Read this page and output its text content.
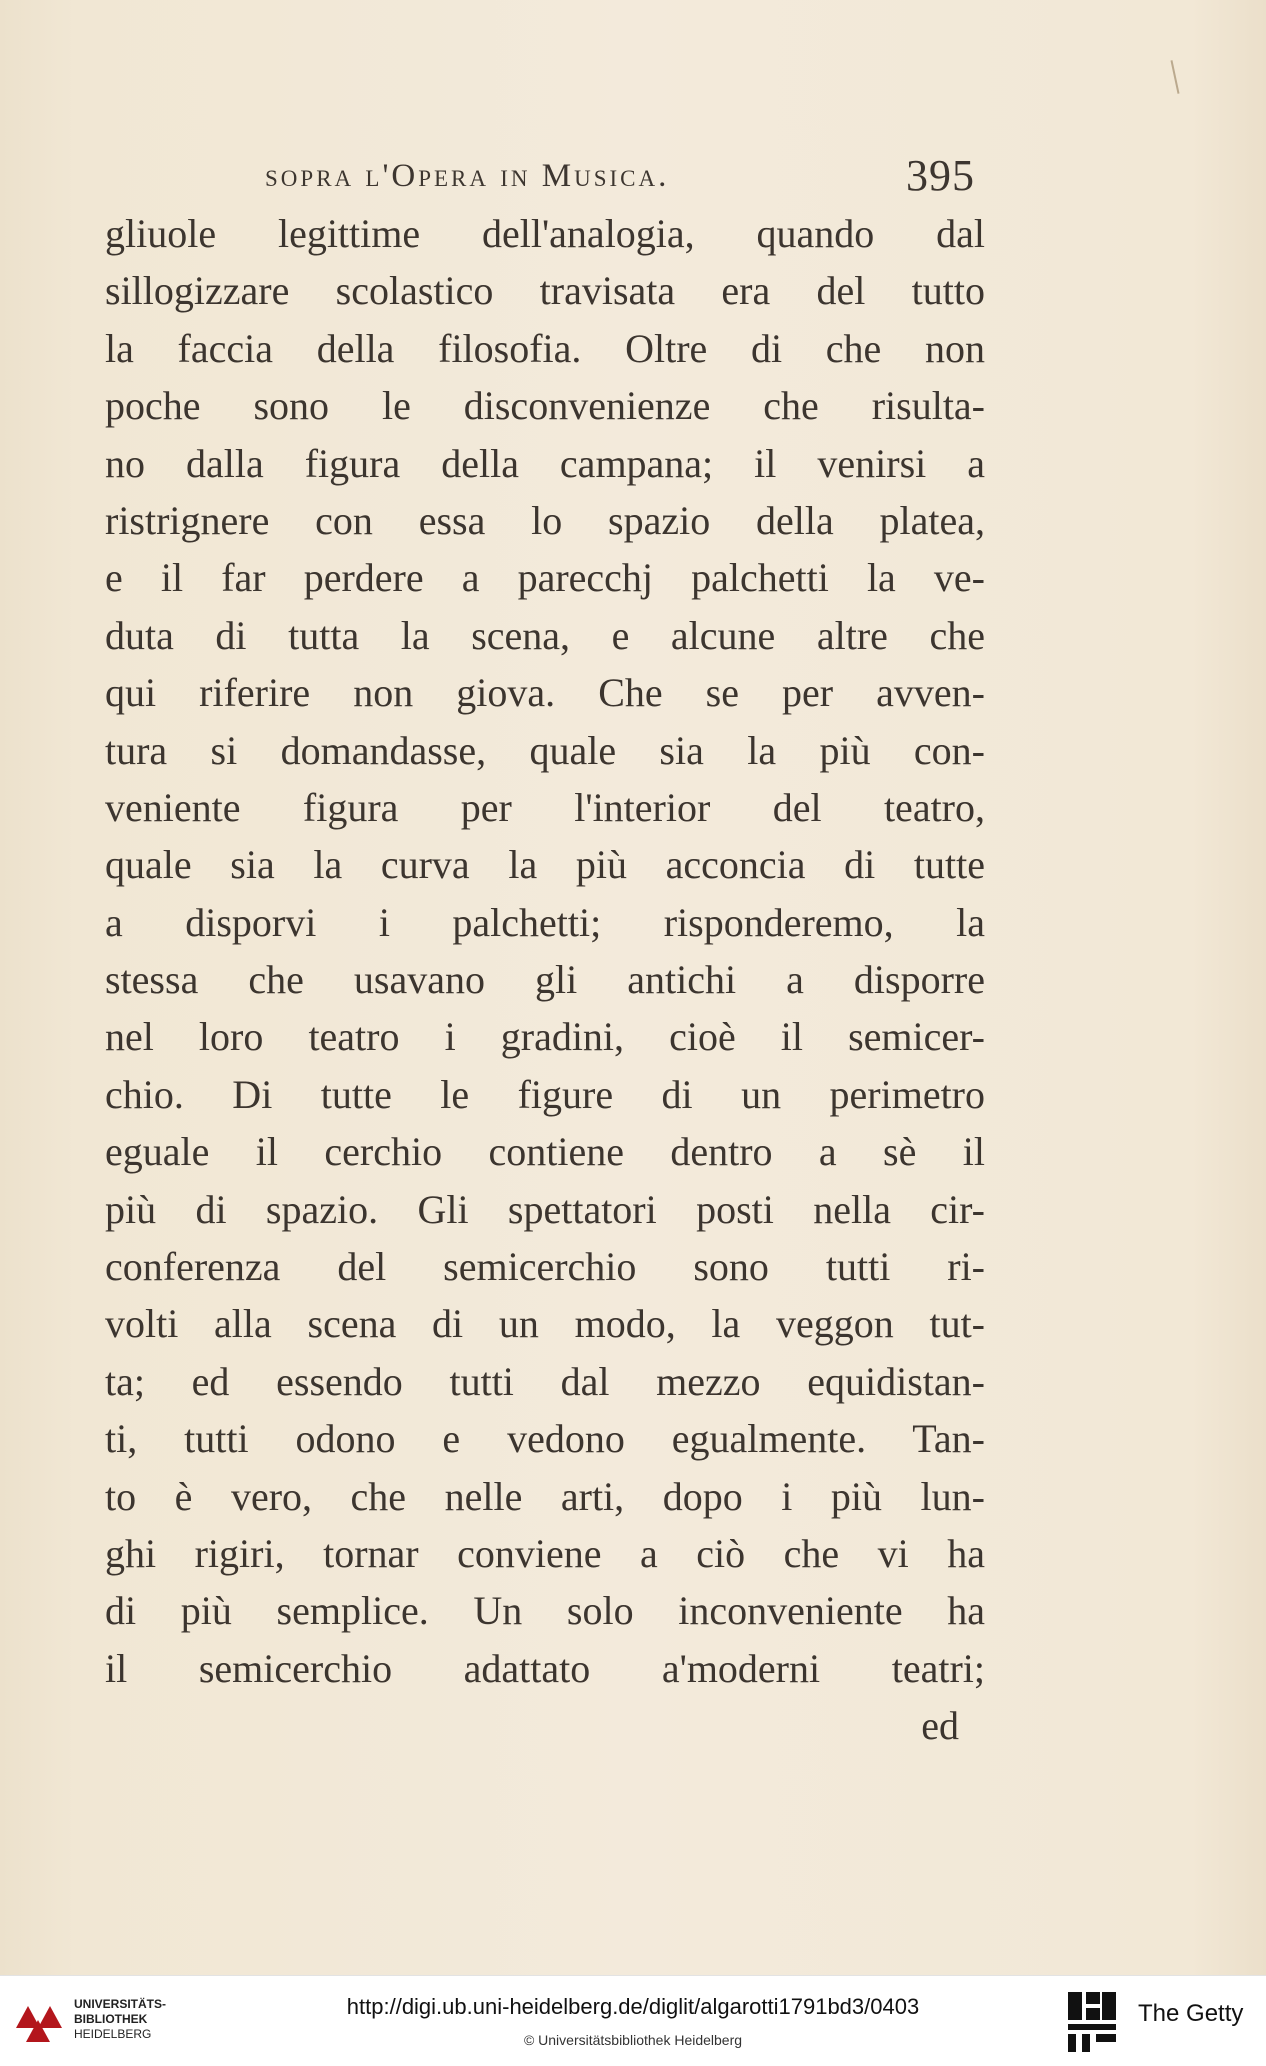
sopra l'Opera in Musica.	395
gliuole legittime dell'analogia, quando dal
sillogizzare scolastico travisata era del tutto
la faccia della filosofia. Oltre di che non
poche sono le disconvenienze che risulta-
no dalla figura della campana; il venirsi a
ristrignere con essa lo spazio della platea,
e il far perdere a parecchj palchetti la ve-
duta di tutta la scena, e alcune altre che
qui riferire non giova. Che se per avven-
tura si domandasse, quale sia la più con-
veniente figura per l'interior del teatro,
quale sia la curva la più acconcia di tutte
a disporvi i palchetti; risponderemo, la
stessa che usavano gli antichi a disporre
nel loro teatro i gradini, cioè il semicer-
chio. Di tutte le figure di un perimetro
eguale il cerchio contiene dentro a sè il
più di spazio. Gli spettatori posti nella cir-
conferenza del semicerchio sono tutti ri-
volti alla scena di un modo, la veggon tut-
ta; ed essendo tutti dal mezzo equidistan-
ti, tutti odono e vedono egualmente. Tan-
to è vero, che nelle arti, dopo i più lun-
ghi rigiri, tornar conviene a ciò che vi ha
di più semplice. Un solo inconveniente ha
il semicerchio adattato a'moderni teatri;
ed
UNIVERSITÄTS-
BIBLIOTHEK
HEIDELBERG
http://digi.ub.uni-heidelberg.de/diglit/algarotti1791bd3/0403
© Universitätsbibliothek Heidelberg
The Getty
